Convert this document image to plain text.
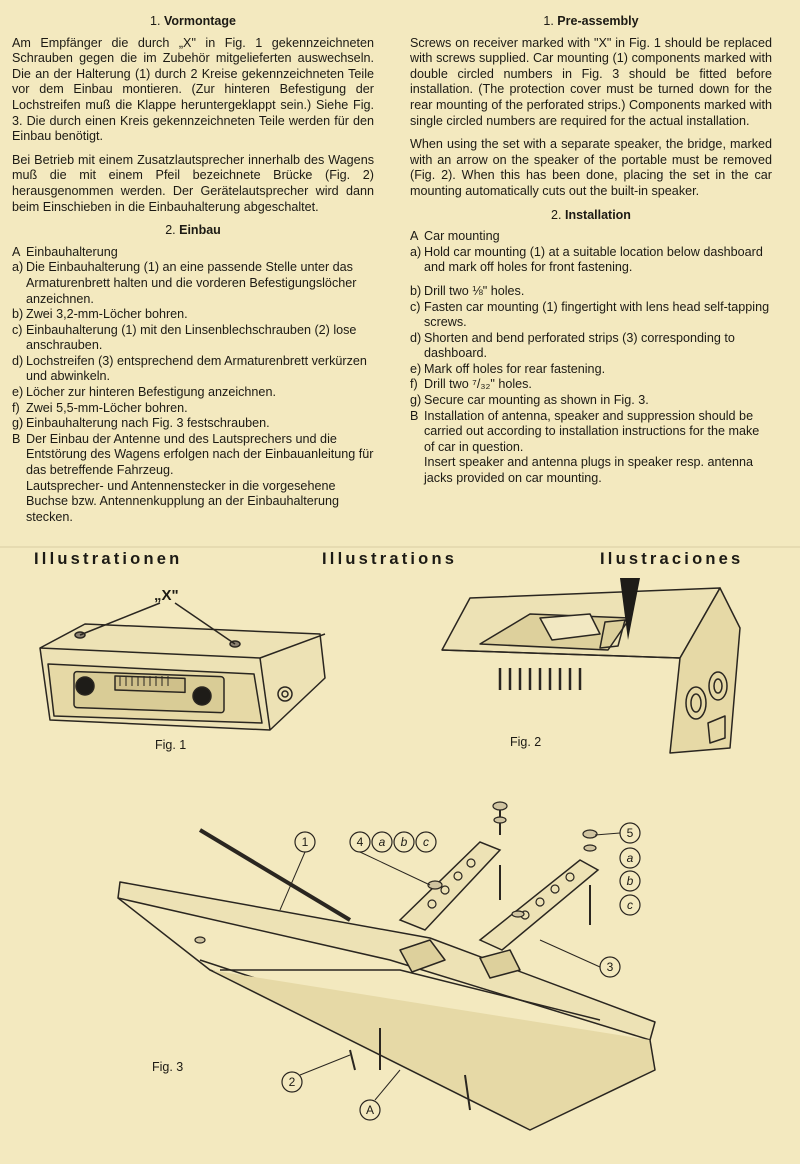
1. Vormontage

Am Empfänger die durch „X" in Fig. 1 gekennzeichneten Schrauben gegen die im Zubehör mitgelieferten auswechseln. Die an der Halterung (1) durch 2 Kreise gekennzeichneten Teile vor dem Einbau montieren. (Zur hinteren Befestigung der Lochstreifen muß die Klappe heruntergeklappt sein.) Siehe Fig. 3. Die durch einen Kreis gekennzeichneten Teile werden für den Einbau benötigt.

Bei Betrieb mit einem Zusatzlautsprecher innerhalb des Wagens muß die mit einem Pfeil bezeichnete Brücke (Fig. 2) herausgenommen werden. Der Gerätelautsprecher wird dann beim Einschieben in die Einbauhalterung abgeschaltet.

2. Einbau
A Einbauhalterung
a) Die Einbauhalterung (1) an eine passende Stelle unter das Armaturenbrett halten und die vorderen Befestigungslöcher anzeichnen.
b) Zwei 3,2-mm-Löcher bohren.
c) Einbauhalterung (1) mit den Linsenblechschrauben (2) lose anschrauben.
d) Lochstreifen (3) entsprechend dem Armaturenbrett verkürzen und abwinkeln.
e) Löcher zur hinteren Befestigung anzeichnen.
f) Zwei 5,5-mm-Löcher bohren.
g) Einbauhalterung nach Fig. 3 festschrauben.
B Der Einbau der Antenne und des Lautsprechers und die Entstörung des Wagens erfolgen nach der Einbauanleitung für das betreffende Fahrzeug.
Lautsprecher- und Antennenstecker in die vorgesehene Buchse bzw. Antennenkupplung an der Einbauhalterung stecken.
1. Pre-assembly

Screws on receiver marked with "X" in Fig. 1 should be replaced with screws supplied. Car mounting (1) components marked with double circled numbers in Fig. 3 should be fitted before installation. (The protection cover must be turned down for the rear mounting of the perforated strips.) Components marked with single circled numbers are required for the actual installation.

When using the set with a separate speaker, the bridge, marked with an arrow on the speaker of the portable must be removed (Fig. 2). When this has been done, placing the set in the car mounting automatically cuts out the built-in speaker.

2. Installation
A Car mounting
a) Hold car mounting (1) at a suitable location below dashboard and mark off holes for front fastening.
b) Drill two ⅛" holes.
c) Fasten car mounting (1) fingertight with lens head self-tapping screws.
d) Shorten and bend perforated strips (3) corresponding to dashboard.
e) Mark off holes for rear fastening.
f) Drill two ⁷/₃₂" holes.
g) Secure car mounting as shown in Fig. 3.
B Installation of antenna, speaker and suppression should be carried out according to installation instructions for the make of car in question.
Insert speaker and antenna plugs in speaker resp. antenna jacks provided on car mounting.
Illustrationen	Illustrations	Ilustraciones
„X"
Fig. 1	Fig. 2
1	4 a b c
5
a
b
c
3
2
A
Fig. 3
